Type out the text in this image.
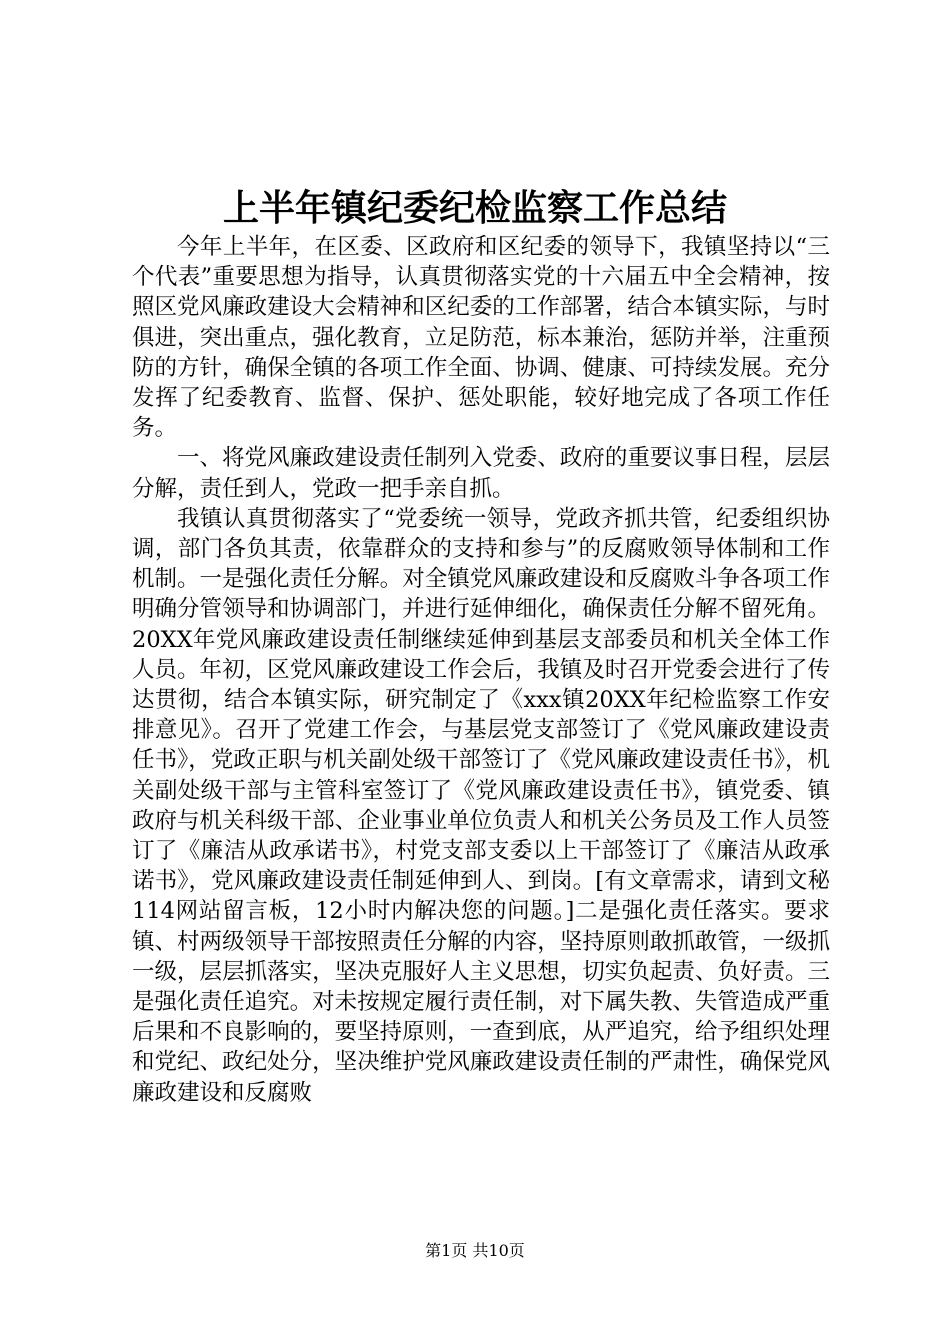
上半年镇纪委纪检监察工作总结

今年上半年，在区委、区政府和区纪委的领导下，我镇坚持以“三个代表”重要思想为指导，认真贯彻落实党的十六届五中全会精神，按照区党风廉政建设大会精神和区纪委的工作部署，结合本镇实际，与时俱进，突出重点，强化教育，立足防范，标本兼治，惩防并举，注重预防的方针，确保全镇的各项工作全面、协调、健康、可持续发展。充分发挥了纪委教育、监督、保护、惩处职能，较好地完成了各项工作任务。

一、将党风廉政建设责任制列入党委、政府的重要议事日程，层层分解，责任到人，党政一把手亲自抓。

我镇认真贯彻落实了“党委统一领导，党政齐抓共管，纪委组织协调，部门各负其责，依靠群众的支持和参与”的反腐败领导体制和工作机制。一是强化责任分解。对全镇党风廉政建设和反腐败斗争各项工作明确分管领导和协调部门，并进行延伸细化，确保责任分解不留死角。20XX年党风廉政建设责任制继续延伸到基层支部委员和机关全体工作人员。年初，区党风廉政建设工作会后，我镇及时召开党委会进行了传达贯彻，结合本镇实际，研究制定了《xxx镇20XX年纪检监察工作安排意见》。召开了党建工作会，与基层党支部签订了《党风廉政建设责任书》，党政正职与机关副处级干部签订了《党风廉政建设责任书》，机关副处级干部与主管科室签订了《党风廉政建设责任书》，镇党委、镇政府与机关科级干部、企业事业单位负责人和机关公务员及工作人员签订了《廉洁从政承诺书》，村党支部支委以上干部签订了《廉洁从政承诺书》，党风廉政建设责任制延伸到人、到岗。[有文章需求，请到文秘114网站留言板，12小时内解决您的问题。]二是强化责任落实。要求镇、村两级领导干部按照责任分解的内容，坚持原则敢抓敢管，一级抓一级，层层抓落实，坚决克服好人主义思想，切实负起责、负好责。三是强化责任追究。对未按规定履行责任制，对下属失教、失管造成严重后果和不良影响的，要坚持原则，一查到底，从严追究，给予组织处理和党纪、政纪处分，坚决维护党风廉政建设责任制的严肃性，确保党风廉政建设和反腐败

第1页 共10页
